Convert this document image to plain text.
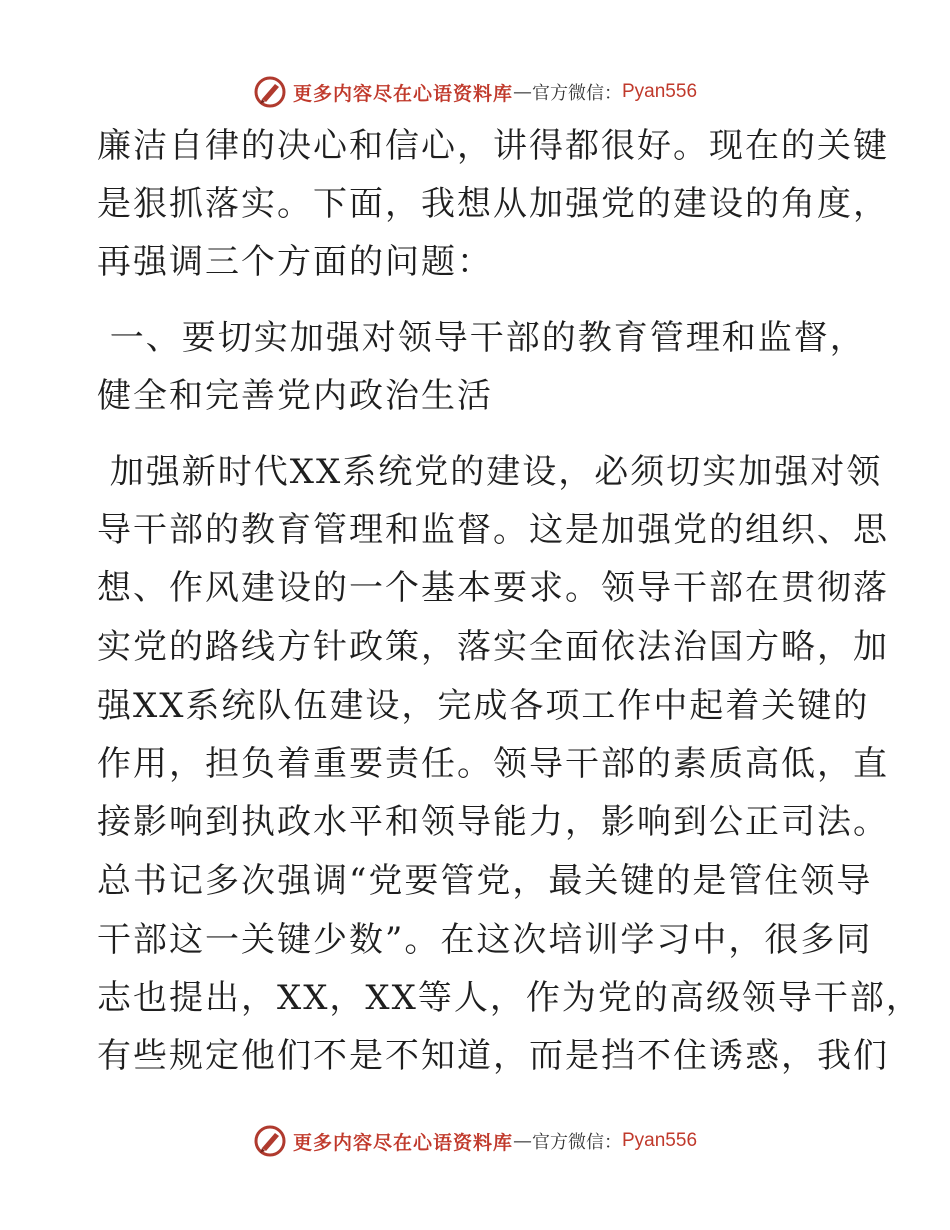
更多内容尽在心语资料库 — 官方微信： Pyan556
廉洁自律的决心和信心，讲得都很好。现在的关键
是狠抓落实。下面，我想从加强党的建设的角度，
再强调三个方面的问题：
一、要切实加强对领导干部的教育管理和监督，
健全和完善党内政治生活
加强新时代XX系统党的建设，必须切实加强对领
导干部的教育管理和监督。这是加强党的组织、思
想、作风建设的一个基本要求。领导干部在贯彻落
实党的路线方针政策，落实全面依法治国方略，加
强XX系统队伍建设，完成各项工作中起着关键的
作用，担负着重要责任。领导干部的素质高低，直
接影响到执政水平和领导能力，影响到公正司法。
总书记多次强调“党要管党，最关键的是管住领导
干部这一关键少数”。在这次培训学习中，很多同
志也提出，XX，XX等人，作为党的高级领导干部，
有些规定他们不是不知道，而是挡不住诱惑，我们
更多内容尽在心语资料库 — 官方微信： Pyan556
